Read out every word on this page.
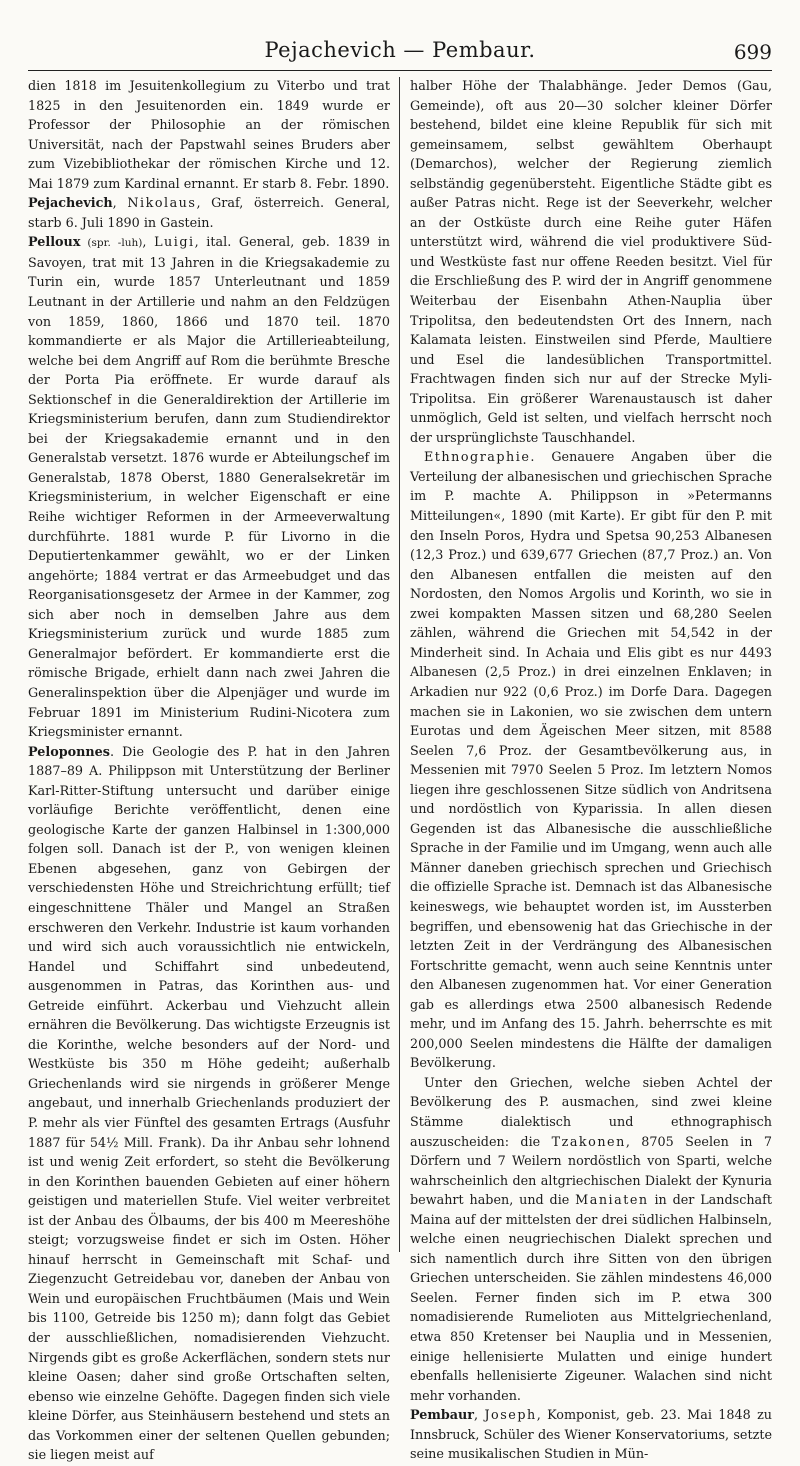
Pejachevich — Pembaur.	699

dien 1818 im Jesuitenkollegium zu Viterbo und trat 1825 in den Jesuitenorden ein. 1849 wurde er Professor der Philosophie an der römischen Universität, nach der Papstwahl seines Bruders aber zum Vizebibliothekar der römischen Kirche und 12. Mai 1879 zum Kardinal ernannt. Er starb 8. Febr. 1890.

Pejachevich, Nikolaus, Graf, österreich. General, starb 6. Juli 1890 in Gastein.

Pelloux (spr. -luh), Luigi, ital. General, geb. 1839 in Savoyen, trat mit 13 Jahren in die Kriegsakademie zu Turin ein, wurde 1857 Unterleutnant und 1859 Leutnant in der Artillerie und nahm an den Feldzügen von 1859, 1860, 1866 und 1870 teil. 1870 kommandierte er als Major die Artillerieabteilung, welche bei dem Angriff auf Rom die berühmte Bresche der Porta Pia eröffnete. Er wurde darauf als Sektionschef in die Generaldirektion der Artillerie im Kriegsministerium berufen, dann zum Studiendirektor bei der Kriegsakademie ernannt und in den Generalstab versetzt. 1876 wurde er Abteilungschef im Generalstab, 1878 Oberst, 1880 Generalsekretär im Kriegsministerium, in welcher Eigenschaft er eine Reihe wichtiger Reformen in der Armeeverwaltung durchführte. 1881 wurde P. für Livorno in die Deputiertenkammer gewählt, wo er der Linken angehörte; 1884 vertrat er das Armeebudget und das Reorganisationsgesetz der Armee in der Kammer, zog sich aber noch in demselben Jahre aus dem Kriegsministerium zurück und wurde 1885 zum Generalmajor befördert. Er kommandierte erst die römische Brigade, erhielt dann nach zwei Jahren die Generalinspektion über die Alpenjäger und wurde im Februar 1891 im Ministerium Rudini-Nicotera zum Kriegsminister ernannt.

Peloponnes. Die Geologie des P. hat in den Jahren 1887–89 A. Philippson mit Unterstützung der Berliner Karl-Ritter-Stiftung untersucht und darüber einige vorläufige Berichte veröffentlicht, denen eine geologische Karte der ganzen Halbinsel in 1:300,000 folgen soll. Danach ist der P., von wenigen kleinen Ebenen abgesehen, ganz von Gebirgen der verschiedensten Höhe und Streichrichtung erfüllt; tief eingeschnittene Thäler und Mangel an Straßen erschweren den Verkehr. Industrie ist kaum vorhanden und wird sich auch voraussichtlich nie entwickeln, Handel und Schiffahrt sind unbedeutend, ausgenommen in Patras, das Korinthen aus- und Getreide einführt. Ackerbau und Viehzucht allein ernähren die Bevölkerung. Das wichtigste Erzeugnis ist die Korinthe, welche besonders auf der Nord- und Westküste bis 350 m Höhe gedeiht; außerhalb Griechenlands wird sie nirgends in größerer Menge angebaut, und innerhalb Griechenlands produziert der P. mehr als vier Fünftel des gesamten Ertrags (Ausfuhr 1887 für 54½ Mill. Frank). Da ihr Anbau sehr lohnend ist und wenig Zeit erfordert, so steht die Bevölkerung in den Korinthen bauenden Gebieten auf einer höhern geistigen und materiellen Stufe. Viel weiter verbreitet ist der Anbau des Ölbaums, der bis 400 m Meereshöhe steigt; vorzugsweise findet er sich im Osten. Höher hinauf herrscht in Gemeinschaft mit Schaf- und Ziegenzucht Getreidebau vor, daneben der Anbau von Wein und europäischen Fruchtbäumen (Mais und Wein bis 1100, Getreide bis 1250 m); dann folgt das Gebiet der ausschließlichen, nomadisierenden Viehzucht. Nirgends gibt es große Ackerflächen, sondern stets nur kleine Oasen; daher sind große Ortschaften selten, ebenso wie einzelne Gehöfte. Dagegen finden sich viele kleine Dörfer, aus Steinhäusern bestehend und stets an das Vorkommen einer der seltenen Quellen gebunden; sie liegen meist auf

halber Höhe der Thalabhänge. Jeder Demos (Gau, Gemeinde), oft aus 20—30 solcher kleiner Dörfer bestehend, bildet eine kleine Republik für sich mit gemeinsamem, selbst gewähltem Oberhaupt (Demarchos), welcher der Regierung ziemlich selbständig gegenübersteht. Eigentliche Städte gibt es außer Patras nicht. Rege ist der Seeverkehr, welcher an der Ostküste durch eine Reihe guter Häfen unterstützt wird, während die viel produktivere Süd- und Westküste fast nur offene Reeden besitzt. Viel für die Erschließung des P. wird der in Angriff genommene Weiterbau der Eisenbahn Athen-Nauplia über Tripolitsa, den bedeutendsten Ort des Innern, nach Kalamata leisten. Einstweilen sind Pferde, Maultiere und Esel die landesüblichen Transportmittel. Frachtwagen finden sich nur auf der Strecke Myli-Tripolitsa. Ein größerer Warenaustausch ist daher unmöglich, Geld ist selten, und vielfach herrscht noch der ursprünglichste Tauschhandel.

Ethnographie. Genauere Angaben über die Verteilung der albanesischen und griechischen Sprache im P. machte A. Philippson in »Petermanns Mitteilungen«, 1890 (mit Karte). Er gibt für den P. mit den Inseln Poros, Hydra und Spetsa 90,253 Albanesen (12,3 Proz.) und 639,677 Griechen (87,7 Proz.) an. Von den Albanesen entfallen die meisten auf den Nordosten, den Nomos Argolis und Korinth, wo sie in zwei kompakten Massen sitzen und 68,280 Seelen zählen, während die Griechen mit 54,542 in der Minderheit sind. In Achaia und Elis gibt es nur 4493 Albanesen (2,5 Proz.) in drei einzelnen Enklaven; in Arkadien nur 922 (0,6 Proz.) im Dorfe Dara. Dagegen machen sie in Lakonien, wo sie zwischen dem untern Eurotas und dem Ägeischen Meer sitzen, mit 8588 Seelen 7,6 Proz. der Gesamtbevölkerung aus, in Messenien mit 7970 Seelen 5 Proz. Im letztern Nomos liegen ihre geschlossenen Sitze südlich von Andritsena und nordöstlich von Kyparissia. In allen diesen Gegenden ist das Albanesische die ausschließliche Sprache in der Familie und im Umgang, wenn auch alle Männer daneben griechisch sprechen und Griechisch die offizielle Sprache ist. Demnach ist das Albanesische keineswegs, wie behauptet worden ist, im Aussterben begriffen, und ebensowenig hat das Griechische in der letzten Zeit in der Verdrängung des Albanesischen Fortschritte gemacht, wenn auch seine Kenntnis unter den Albanesen zugenommen hat. Vor einer Generation gab es allerdings etwa 2500 albanesisch Redende mehr, und im Anfang des 15. Jahrh. beherrschte es mit 200,000 Seelen mindestens die Hälfte der damaligen Bevölkerung.

Unter den Griechen, welche sieben Achtel der Bevölkerung des P. ausmachen, sind zwei kleine Stämme dialektisch und ethnographisch auszuscheiden: die Tzakonen, 8705 Seelen in 7 Dörfern und 7 Weilern nordöstlich von Sparti, welche wahrscheinlich den altgriechischen Dialekt der Kynuria bewahrt haben, und die Maniaten in der Landschaft Maina auf der mittelsten der drei südlichen Halbinseln, welche einen neugriechischen Dialekt sprechen und sich namentlich durch ihre Sitten von den übrigen Griechen unterscheiden. Sie zählen mindestens 46,000 Seelen. Ferner finden sich im P. etwa 300 nomadisierende Rumelioten aus Mittelgriechenland, etwa 850 Kretenser bei Nauplia und in Messenien, einige hellenisierte Mulatten und einige hundert ebenfalls hellenisierte Zigeuner. Walachen sind nicht mehr vorhanden.

Pembaur, Joseph, Komponist, geb. 23. Mai 1848 zu Innsbruck, Schüler des Wiener Konservatoriums, setzte seine musikalischen Studien in Mün-
